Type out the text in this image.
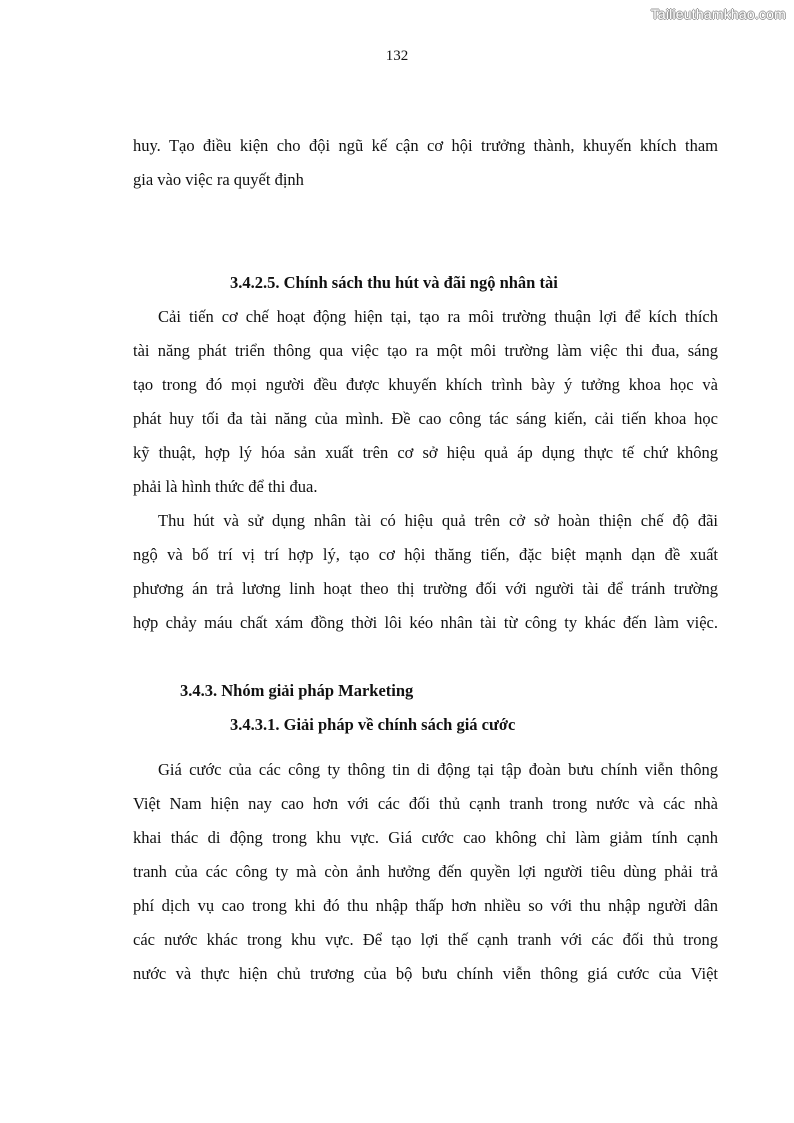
Tailieuthamkhao.com
132
huy. Tạo điều kiện cho đội ngũ kế cận cơ hội trưởng thành, khuyến khích tham
gia vào việc ra quyết định
3.4.2.5. Chính sách thu hút và đãi ngộ nhân tài
Cải tiến cơ chế hoạt động hiện tại, tạo ra môi trường thuận lợi để kích thích
tài năng phát triển thông qua việc tạo ra một môi trường làm việc thi đua, sáng
tạo trong đó mọi người đều được khuyến khích trình bày ý tưởng khoa học và
phát huy tối đa tài năng của mình. Đề cao công tác sáng kiến, cải tiến khoa học
kỹ thuật, hợp lý hóa sản xuất trên cơ sở hiệu quả áp dụng thực tế chứ không
phải là hình thức để thi đua.
Thu hút và sử dụng nhân tài có hiệu quả trên cở sở hoàn thiện chế độ đãi
ngộ và bố trí vị trí hợp lý, tạo cơ hội thăng tiến, đặc biệt mạnh dạn đề xuất
phương án trả lương linh hoạt theo thị trường đối với người tài để tránh trường
hợp chảy máu chất xám đồng thời lôi kéo nhân tài từ công ty khác đến làm việc.
3.4.3. Nhóm giải pháp Marketing
3.4.3.1. Giải pháp về chính sách giá cước
Giá cước của các công ty thông tin di động tại tập đoàn bưu chính viễn thông
Việt Nam hiện nay cao hơn với các đối thủ cạnh tranh trong nước và các nhà
khai thác di động trong khu vực. Giá cước cao không chỉ làm giảm tính cạnh
tranh của các công ty mà còn ảnh hưởng đến quyền lợi người tiêu dùng phải trả
phí dịch vụ cao trong khi đó thu nhập thấp hơn nhiều so với thu nhập người dân
các nước khác trong khu vực. Để tạo lợi thế cạnh tranh với các đối thủ trong
nước và thực hiện chủ trương của bộ bưu chính viễn thông giá cước của Việt
